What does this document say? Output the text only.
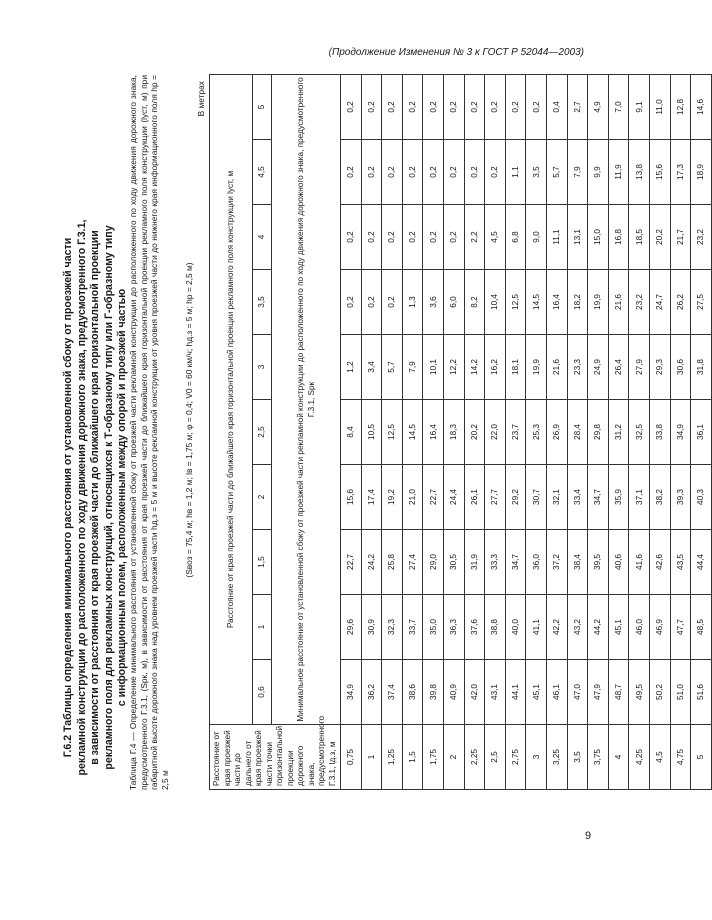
(Продолжение Изменения № 3 к ГОСТ Р 52044—2003)
Г.6.2 Таблицы определения минимального расстояния от установленной сбоку от проезжей части рекламной конструкции до расположенного по ходу движения дорожного знака, предусмотренного Г.3.1, в зависимости от расстояния от края проезжей части до ближайшего края горизонтальной проекции рекламного поля для рекламных конструкций, относящихся к Т-образному типу или Г-образному типу с информационным полем, расположенным между опорой и проезжей частью Таблица Г.4 — Определение минимального расстояния от установленной сбоку от проезжей части рекламной конструкции до расположенного по ходу движения дорожного знака, предусмотренного Г.3.1, (Sрк, м), в зависимости от расстояния от края проезжей части до ближайшего края горизонтальной проекции рекламного поля конструкции (lуст, м) при габаритной высоте дорожного знака над уровнем проезжей части hд.з = 5 м и высоте рекламной конструкции от уровня проезжей части до нижнего края информационного поля hр = 2,5 м

(Sвоз = 75,4 м; hв = 1,2 м; lв = 1,75 м; φ = 0,4; V0 = 60 км/ч; hд.з = 5 м; hр = 2,5 м)
В метрах
Расстояние от края проезжей части до дальнего от края проезжей части точки горизонтальной проекции дорожного знака, предусмотренного Г.3.1, lд.з, м	Расстояние от края проезжей части до ближайшего края горизонтальной проекции рекламного поля конструкции lуст, м									
	0,6	1	1,5	2	2,5	3	3,5	4	4,5	5
	Минимальное расстояние от установленной сбоку от проезжей части рекламной конструкции до расположенного по ходу движения дорожного знака, предусмотренного Г.3.1, Sрк									
0,75	34,9	29,6	22,7	15,6	8,4	1,2	0,2	0,2	0,2	0,2
1	36,2	30,9	24,2	17,4	10,5	3,4	0,2	0,2	0,2	0,2
1,25	37,4	32,3	25,8	19,2	12,5	5,7	0,2	0,2	0,2	0,2
1,5	38,6	33,7	27,4	21,0	14,5	7,9	1,3	0,2	0,2	0,2
1,75	39,8	35,0	29,0	22,7	16,4	10,1	3,6	0,2	0,2	0,2
2	40,9	36,3	30,5	24,4	18,3	12,2	6,0	0,2	0,2	0,2
2,25	42,0	37,6	31,9	26,1	20,2	14,2	8,2	2,2	0,2	0,2
2,5	43,1	38,8	33,3	27,7	22,0	16,2	10,4	4,5	0,2	0,2
2,75	44,1	40,0	34,7	29,2	23,7	18,1	12,5	6,8	1,1	0,2
3	45,1	41,1	36,0	30,7	25,3	19,9	14,5	9,0	3,5	0,2
3,25	46,1	42,2	37,2	32,1	26,9	21,6	16,4	11,1	5,7	0,4
3,5	47,0	43,2	38,4	33,4	28,4	23,3	18,2	13,1	7,9	2,7
3,75	47,9	44,2	39,5	34,7	29,8	24,9	19,9	15,0	9,9	4,9
4	48,7	45,1	40,6	35,9	31,2	26,4	21,6	16,8	11,9	7,0
4,25	49,5	46,0	41,6	37,1	32,5	27,9	23,2	18,5	13,8	9,1
4,5	50,2	46,9	42,6	38,2	33,8	29,3	24,7	20,2	15,6	11,0
4,75	51,0	47,7	43,5	39,3	34,9	30,6	26,2	21,7	17,3	12,8
5	51,6	48,5	44,4	40,3	36,1	31,8	27,5	23,2	18,9	14,6
9
